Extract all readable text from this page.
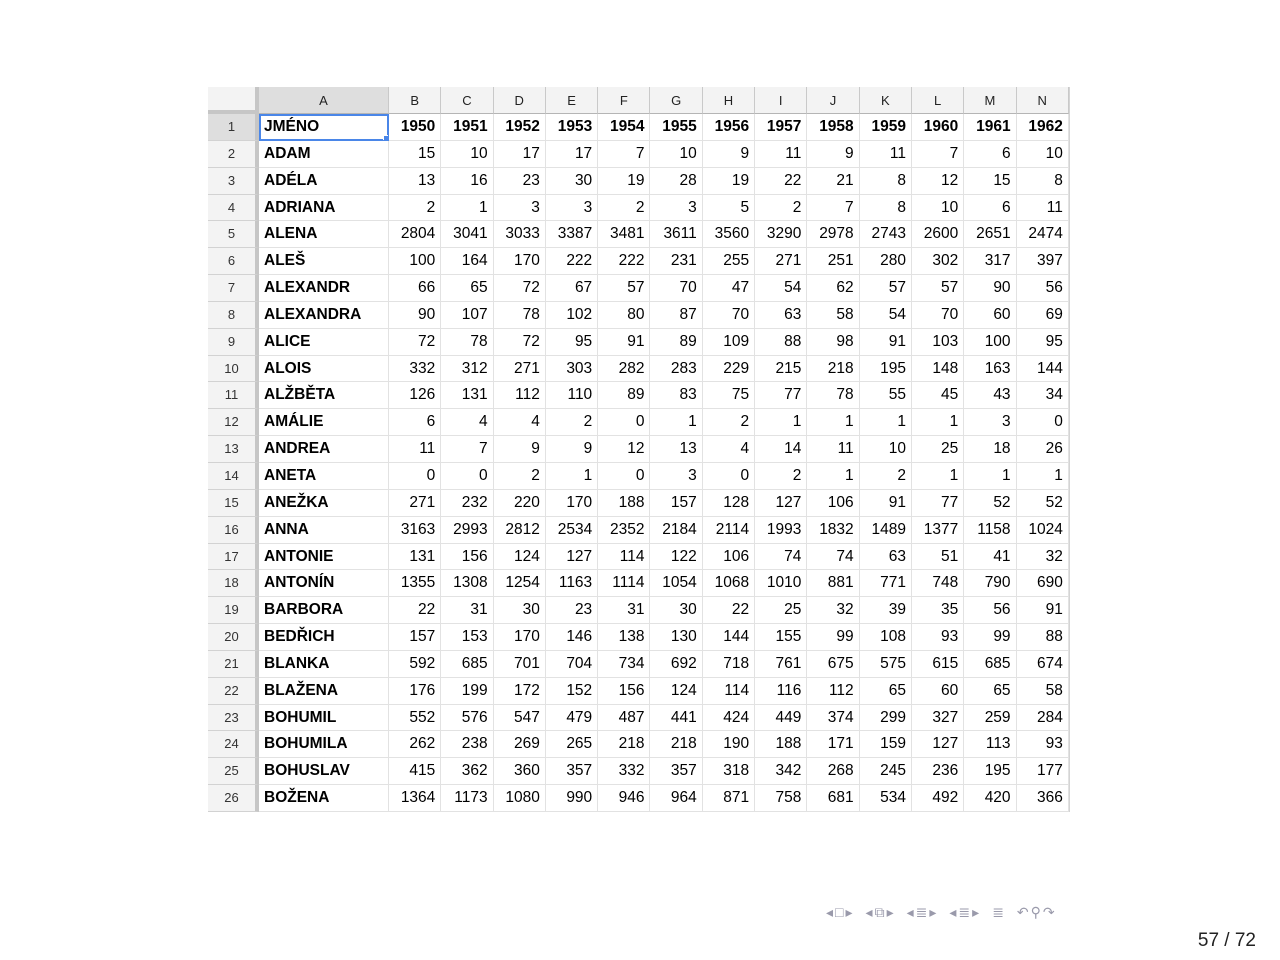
A	B	C	D	E	F	G	H	I	J	K	L	M	N
1	JMÉNO	1950	1951	1952	1953	1954	1955	1956	1957	1958	1959	1960	1961	1962
2	ADAM	15	10	17	17	7	10	9	11	9	11	7	6	10
3	ADÉLA	13	16	23	30	19	28	19	22	21	8	12	15	8
4	ADRIANA	2	1	3	3	2	3	5	2	7	8	10	6	11
5	ALENA	2804	3041	3033	3387	3481	3611	3560	3290	2978	2743	2600	2651	2474
6	ALEŠ	100	164	170	222	222	231	255	271	251	280	302	317	397
7	ALEXANDR	66	65	72	67	57	70	47	54	62	57	57	90	56
8	ALEXANDRA	90	107	78	102	80	87	70	63	58	54	70	60	69
9	ALICE	72	78	72	95	91	89	109	88	98	91	103	100	95
10	ALOIS	332	312	271	303	282	283	229	215	218	195	148	163	144
11	ALŽBĚTA	126	131	112	110	89	83	75	77	78	55	45	43	34
12	AMÁLIE	6	4	4	2	0	1	2	1	1	1	1	3	0
13	ANDREA	11	7	9	9	12	13	4	14	11	10	25	18	26
14	ANETA	0	0	2	1	0	3	0	2	1	2	1	1	1
15	ANEŽKA	271	232	220	170	188	157	128	127	106	91	77	52	52
16	ANNA	3163	2993	2812	2534	2352	2184	2114	1993	1832	1489	1377	1158	1024
17	ANTONIE	131	156	124	127	114	122	106	74	74	63	51	41	32
18	ANTONÍN	1355	1308	1254	1163	1114	1054	1068	1010	881	771	748	790	690
19	BARBORA	22	31	30	23	31	30	22	25	32	39	35	56	91
20	BEDŘICH	157	153	170	146	138	130	144	155	99	108	93	99	88
21	BLANKA	592	685	701	704	734	692	718	761	675	575	615	685	674
22	BLAŽENA	176	199	172	152	156	124	114	116	112	65	60	65	58
23	BOHUMIL	552	576	547	479	487	441	424	449	374	299	327	259	284
24	BOHUMILA	262	238	269	265	218	218	190	188	171	159	127	113	93
25	BOHUSLAV	415	362	360	357	332	357	318	342	268	245	236	195	177
26	BOŽENA	1364	1173	1080	990	946	964	871	758	681	534	492	420	366
◂ □ ▸ ◂ ⧉ ▸ ◂ ≣ ▸ ◂ ≣ ▸ ≣ ↶ ⚲ ↷
57 / 72
